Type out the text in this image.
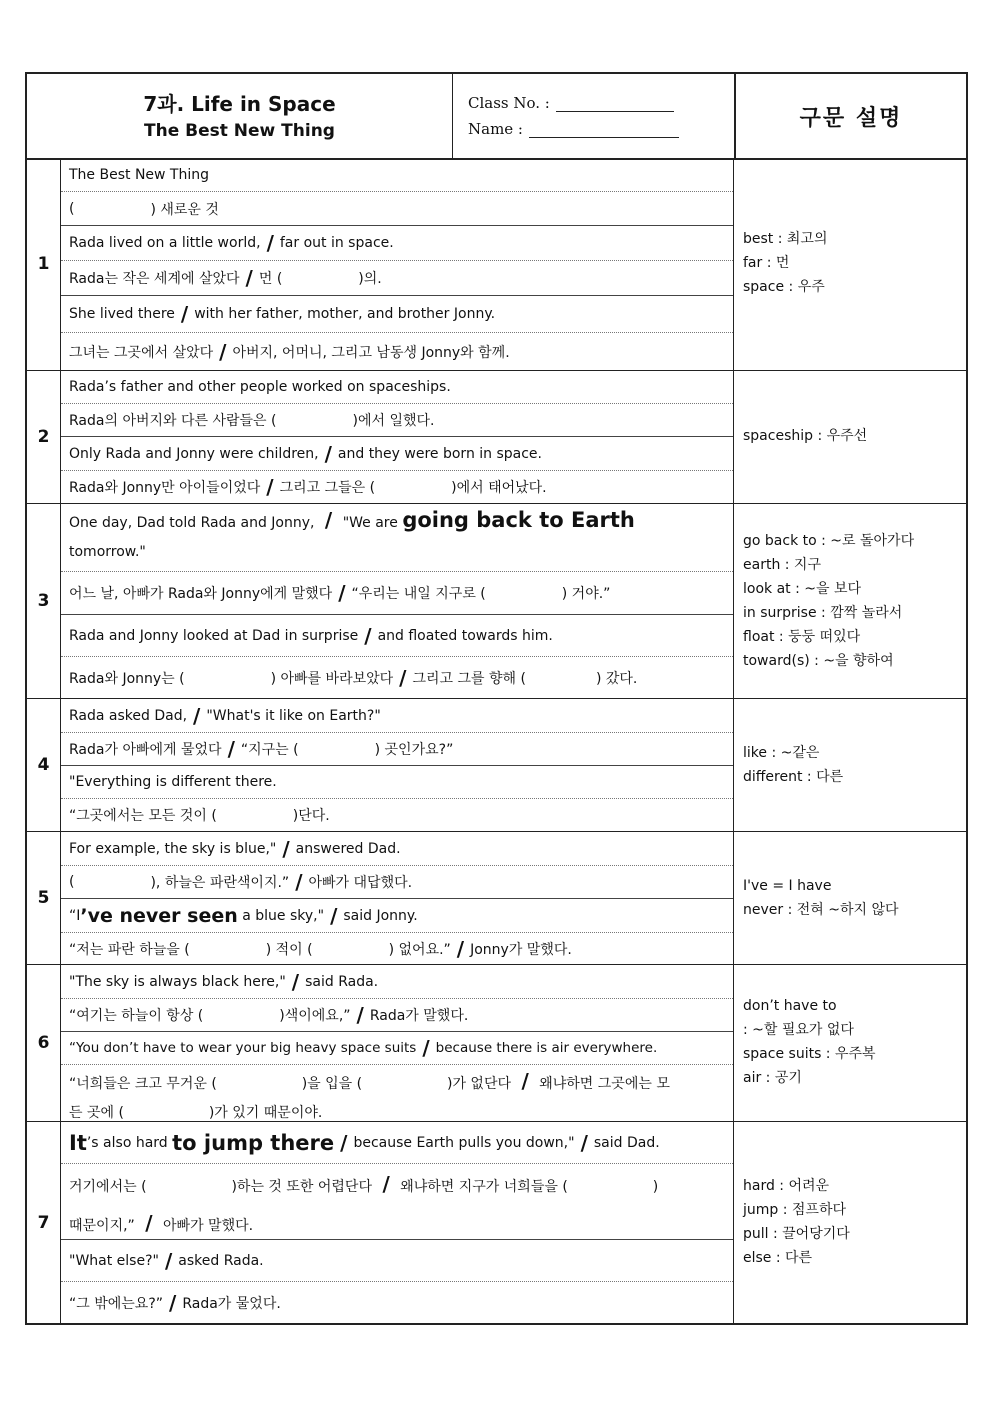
7과. Life in Space
The Best New Thing
Class No. :
Name :	구문 설명
1
The Best New Thing
(	) 새로운 것
Rada lived on a little world, / far out in space.
Rada는 작은 세계에 살았다 / 먼 (	)의.
She lived there / with her father, mother, and brother Jonny.
그녀는 그곳에서 살았다 / 아버지, 어머니, 그리고 남동생 Jonny와 함께.
best : 최고의
far : 먼
space : 우주
2
Rada’s father and other people worked on spaceships.
Rada의 아버지와 다른 사람들은 (	)에서 일했다.
Only Rada and Jonny were children, / and they were born in space.
Rada와 Jonny만 아이들이었다 / 그리고 그들은 (	)에서 태어났다.
spaceship : 우주선
3
One day, Dad told Rada and Jonny, / "We are going back to Earth
tomorrow."
어느 날, 아빠가 Rada와 Jonny에게 말했다 / “우리는 내일 지구로 (	) 거야.”
Rada and Jonny looked at Dad in surprise / and floated towards him.
Rada와 Jonny는 (	) 아빠를 바라보았다 / 그리고 그를 향해 (	) 갔다.
go back to : ~로 돌아가다
earth : 지구
look at : ~을 보다
in surprise : 깜짝 놀라서
float : 둥둥 떠있다
toward(s) : ~을 향하여
4
Rada asked Dad, / "What's it like on Earth?"
Rada가 아빠에게 물었다 / “지구는 (	) 곳인가요?”
"Everything is different there.
“그곳에서는 모든 것이 (	)단다.
like : ~같은
different : 다른
5
For example, the sky is blue," / answered Dad.
(	), 하늘은 파란색이지.” / 아빠가 대답했다.
“I ’ve never seen
a blue sky," / said Jonny.
“저는 파란 하늘을 (	) 적이 (	) 없어요.” / Jonny가 말했다.
I've = I have
never : 전혀 ~하지 않다
6
"The sky is always black here," / said Rada.
“여기는 하늘이 항상 (	)색이에요,” / Rada가 말했다.
“You don’t have to wear your big heavy space suits / because there is air everywhere.
“너희들은 크고 무거운 (	)을 입을 (	)가 없단다 / 왜냐하면 그곳에는 모
든 곳에 (	)가 있기 때문이야.
don’t have to
: ~할 필요가 없다
space suits : 우주복
air : 공기
7
It ’s also hard
to jump there / because Earth pulls you down," / said Dad.
거기에서는 (	)하는 것 또한 어렵단다 / 왜냐하면 지구가 너희들을 (	)
때문이지,” / 아빠가 말했다.
"What else?" / asked Rada.
“그 밖에는요?” / Rada가 물었다.
hard : 어려운
jump : 점프하다
pull : 끌어당기다
else : 다른
